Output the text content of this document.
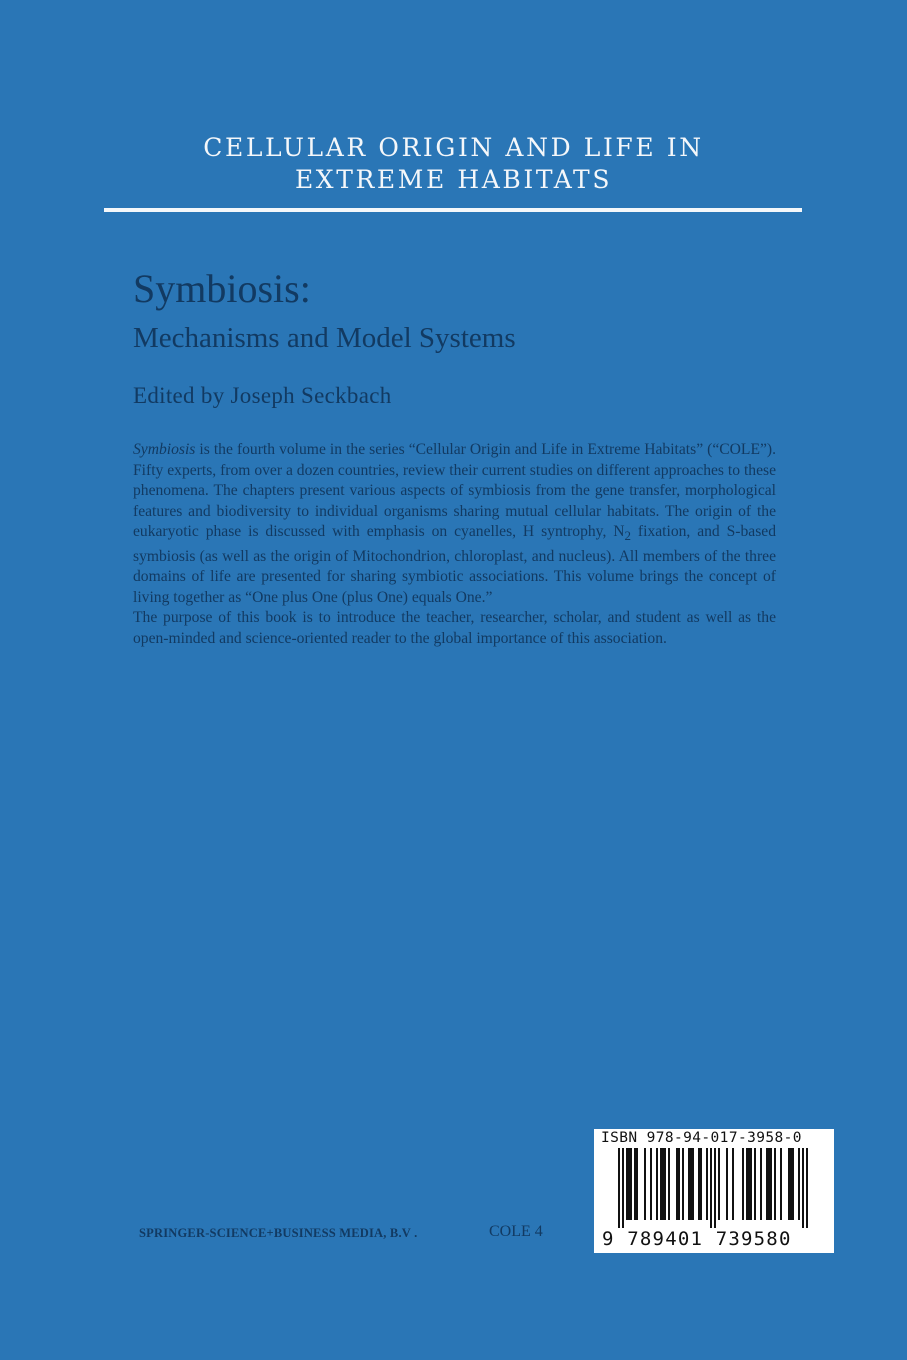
CELLULAR ORIGIN AND LIFE IN
EXTREME HABITATS
Symbiosis:
Mechanisms and Model Systems
Edited by Joseph Seckbach

Symbiosis is the fourth volume in the series “Cellular Origin and Life in Extreme Habitats” (“COLE”). Fifty experts, from over a dozen countries, review their current studies on different approaches to these phenomena. The chapters present various aspects of symbiosis from the gene transfer, morphological features and biodiversity to individual organisms sharing mutual cellular habitats. The origin of the eukaryotic phase is discussed with emphasis on cyanelles, H syntrophy, $N_2$ fixation, and S-based symbiosis (as well as the origin of Mitochondrion, chloroplast, and nucleus). All members of the three domains of life are presented for sharing symbiotic associations. This volume brings the concept of living together as “One plus One (plus One) equals One.”

The purpose of this book is to introduce the teacher, researcher, scholar, and student as well as the open-minded and science-oriented reader to the global importance of this association.

SPRINGER-SCIENCE+BUSINESS MEDIA, B.V .	COLE 4
ISBN 978-94-017-3958-0
9 789401 739580
